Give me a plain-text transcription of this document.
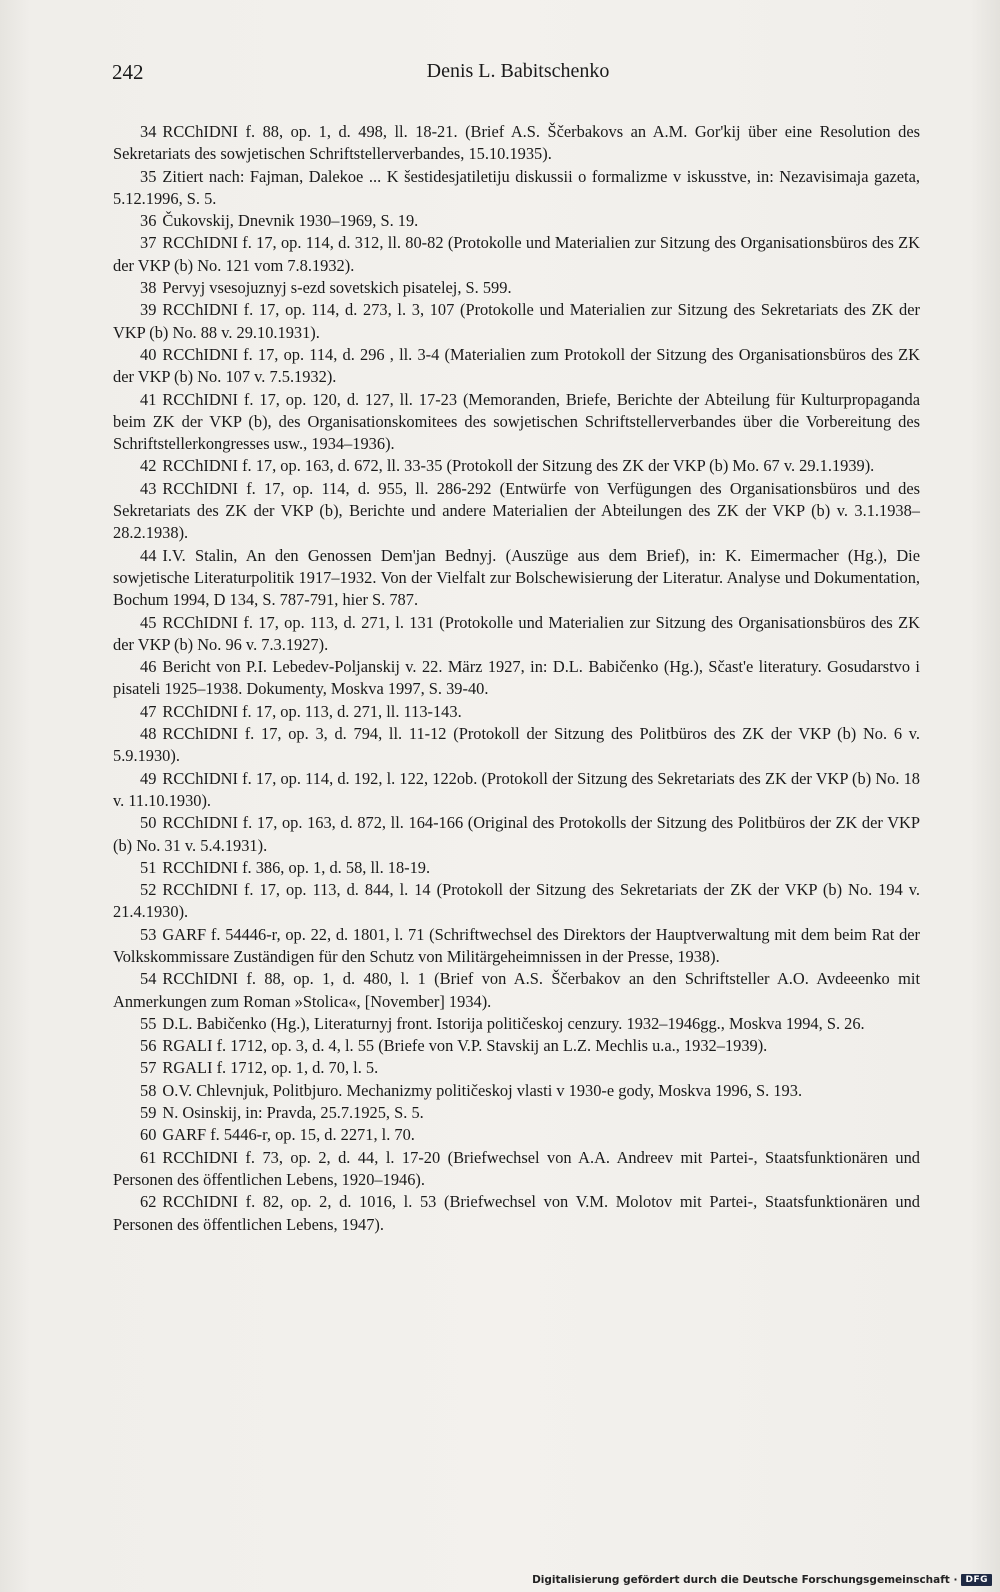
242	Denis L. Babitschenko

34 RCChIDNI f. 88, op. 1, d. 498, ll. 18-21. (Brief A.S. Ščerbakovs an A.M. Gor'kij über eine Resolution des Sekretariats des sowjetischen Schriftstellerverbandes, 15.10.1935).

35 Zitiert nach: Fajman, Dalekoe ... K šestidesjatiletiju diskussii o formalizme v iskusstve, in: Nezavisimaja gazeta, 5.12.1996, S. 5.

36 Čukovskij, Dnevnik 1930–1969, S. 19.

37 RCChIDNI f. 17, op. 114, d. 312, ll. 80-82 (Protokolle und Materialien zur Sitzung des Organisationsbüros des ZK der VKP (b) No. 121 vom 7.8.1932).

38 Pervyj vsesojuznyj s-ezd sovetskich pisatelej, S. 599.

39 RCChIDNI f. 17, op. 114, d. 273, l. 3, 107 (Protokolle und Materialien zur Sitzung des Sekretariats des ZK der VKP (b) No. 88 v. 29.10.1931).

40 RCChIDNI f. 17, op. 114, d. 296 , ll. 3-4 (Materialien zum Protokoll der Sitzung des Organisationsbüros des ZK der VKP (b) No. 107 v. 7.5.1932).

41 RCChIDNI f. 17, op. 120, d. 127, ll. 17-23 (Memoranden, Briefe, Berichte der Abteilung für Kulturpropaganda beim ZK der VKP (b), des Organisationskomitees des sowjetischen Schriftstellerverbandes über die Vorbereitung des Schriftstellerkongresses usw., 1934–1936).

42 RCChIDNI f. 17, op. 163, d. 672, ll. 33-35 (Protokoll der Sitzung des ZK der VKP (b) Mo. 67 v. 29.1.1939).

43 RCChIDNI f. 17, op. 114, d. 955, ll. 286-292 (Entwürfe von Verfügungen des Organisationsbüros und des Sekretariats des ZK der VKP (b), Berichte und andere Materialien der Abteilungen des ZK der VKP (b) v. 3.1.1938–28.2.1938).

44 I.V. Stalin, An den Genossen Dem'jan Bednyj. (Auszüge aus dem Brief), in: K. Eimermacher (Hg.), Die sowjetische Literaturpolitik 1917–1932. Von der Vielfalt zur Bolschewisierung der Literatur. Analyse und Dokumentation, Bochum 1994, D 134, S. 787-791, hier S. 787.

45 RCChIDNI f. 17, op. 113, d. 271, l. 131 (Protokolle und Materialien zur Sitzung des Organisationsbüros des ZK der VKP (b) No. 96 v. 7.3.1927).

46 Bericht von P.I. Lebedev-Poljanskij v. 22. März 1927, in: D.L. Babičenko (Hg.), Sčast'e literatury. Gosudarstvo i pisateli 1925–1938. Dokumenty, Moskva 1997, S. 39-40.

47 RCChIDNI f. 17, op. 113, d. 271, ll. 113-143.

48 RCChIDNI f. 17, op. 3, d. 794, ll. 11-12 (Protokoll der Sitzung des Politbüros des ZK der VKP (b) No. 6 v. 5.9.1930).

49 RCChIDNI f. 17, op. 114, d. 192, l. 122, 122ob. (Protokoll der Sitzung des Sekretariats des ZK der VKP (b) No. 18 v. 11.10.1930).

50 RCChIDNI f. 17, op. 163, d. 872, ll. 164-166 (Original des Protokolls der Sitzung des Politbüros der ZK der VKP (b) No. 31 v. 5.4.1931).

51 RCChIDNI f. 386, op. 1, d. 58, ll. 18-19.

52 RCChIDNI f. 17, op. 113, d. 844, l. 14 (Protokoll der Sitzung des Sekretariats der ZK der VKP (b) No. 194 v. 21.4.1930).

53 GARF f. 54446-r, op. 22, d. 1801, l. 71 (Schriftwechsel des Direktors der Hauptverwaltung mit dem beim Rat der Volkskommissare Zuständigen für den Schutz von Militärgeheimnissen in der Presse, 1938).

54 RCChIDNI f. 88, op. 1, d. 480, l. 1 (Brief von A.S. Ščerbakov an den Schriftsteller A.O. Avdeeenko mit Anmerkungen zum Roman »Stolica«, [November] 1934).

55 D.L. Babičenko (Hg.), Literaturnyj front. Istorija političeskoj cenzury. 1932–1946gg., Moskva 1994, S. 26.

56 RGALI f. 1712, op. 3, d. 4, l. 55 (Briefe von V.P. Stavskij an L.Z. Mechlis u.a., 1932–1939).

57 RGALI f. 1712, op. 1, d. 70, l. 5.

58 O.V. Chlevnjuk, Politbjuro. Mechanizmy političeskoj vlasti v 1930-e gody, Moskva 1996, S. 193.

59 N. Osinskij, in: Pravda, 25.7.1925, S. 5.

60 GARF f. 5446-r, op. 15, d. 2271, l. 70.

61 RCChIDNI f. 73, op. 2, d. 44, l. 17-20 (Briefwechsel von A.A. Andreev mit Partei-, Staatsfunktionären und Personen des öffentlichen Lebens, 1920–1946).

62 RCChIDNI f. 82, op. 2, d. 1016, l. 53 (Briefwechsel von V.M. Molotov mit Partei-, Staatsfunktionären und Personen des öffentlichen Lebens, 1947).

Digitalisierung gefördert durch die Deutsche Forschungsgemeinschaft · DFG
